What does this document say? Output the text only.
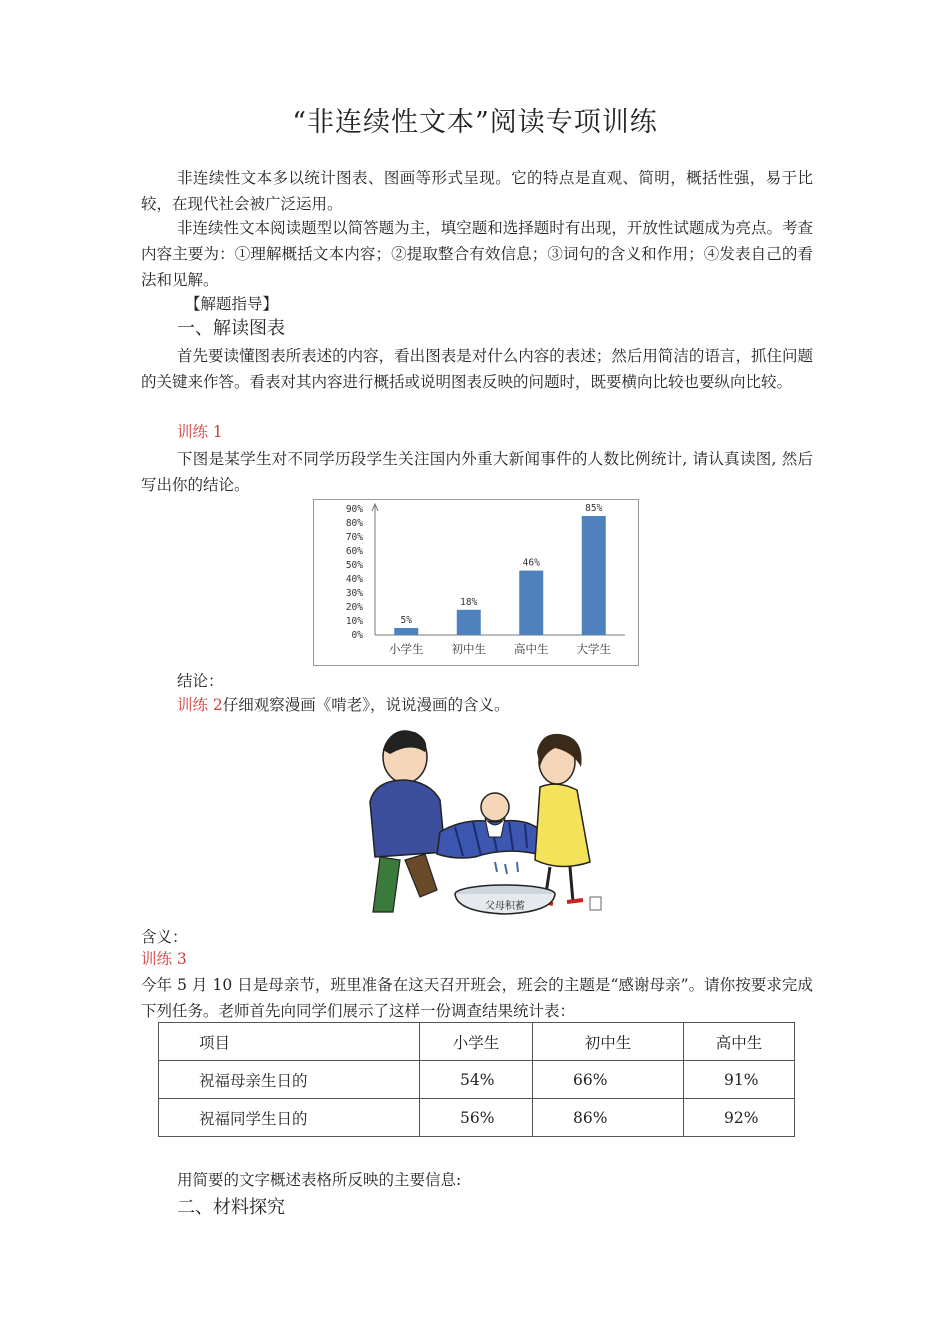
“非连续性文本”阅读专项训练
非连续性文本多以统计图表、图画等形式呈现。它的特点是直观、简明，概括性强，易于比较，在现代社会被广泛运用。
非连续性文本阅读题型以简答题为主，填空题和选择题时有出现，开放性试题成为亮点。考查内容主要为：①理解概括文本内容；②提取整合有效信息；③词句的含义和作用；④发表自己的看法和见解。
【解题指导】
一、解读图表
首先要读懂图表所表述的内容，看出图表是对什么内容的表述；然后用简洁的语言，抓住问题的关键来作答。看表对其内容进行概括或说明图表反映的问题时，既要横向比较也要纵向比较。
训练 1
下图是某学生对不同学历段学生关注国内外重大新闻事件的人数比例统计, 请认真读图, 然后写出你的结论。
0%
10%
20%
30%
40%
50%
60%
70%
80%
90%
5%
小学生
18%
初中生
46%
高中生
85%
大学生
结论：
训练 2仔细观察漫画《啃老》，说说漫画的含义。
父母积蓄
含义：
训练 3
今年 5 月 10 日是母亲节，班里准备在这天召开班会，班会的主题是“感谢母亲”。请你按要求完成下列任务。老师首先向同学们展示了这样一份调查结果统计表：
项目	小学生	初中生	高中生
祝福母亲生日的	54%	66%	91%
祝福同学生日的	56%	86%	92%
用简要的文字概述表格所反映的主要信息:
二、材料探究
